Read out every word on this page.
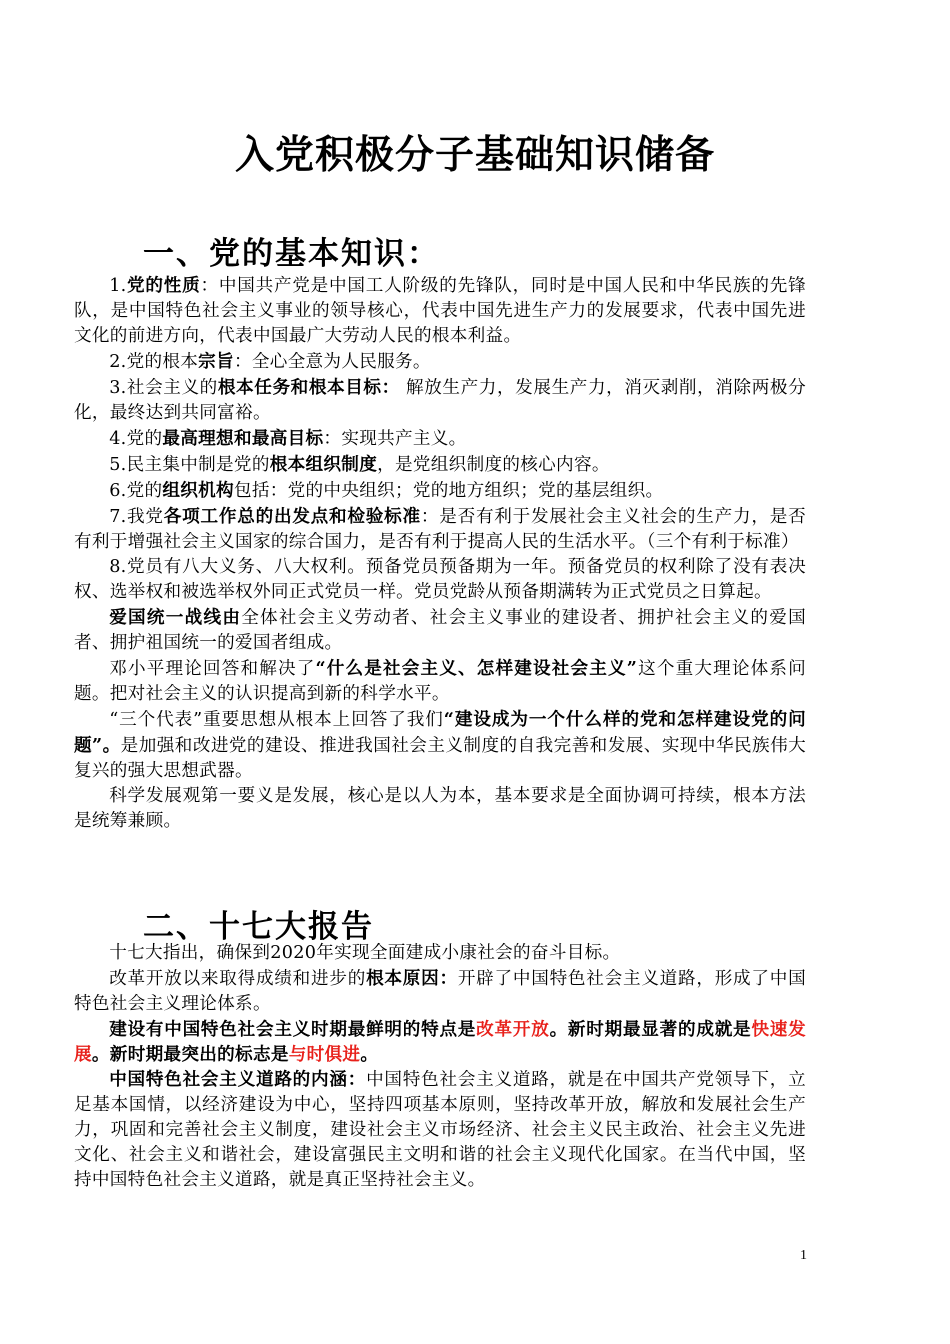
入党积极分子基础知识储备
一、党的基本知识：

1.党的性质：中国共产党是中国工人阶级的先锋队，同时是中国人民和中华民族的先锋队，是中国特色社会主义事业的领导核心，代表中国先进生产力的发展要求，代表中国先进文化的前进方向，代表中国最广大劳动人民的根本利益。

2.党的根本宗旨：全心全意为人民服务。

3.社会主义的根本任务和根本目标： 解放生产力，发展生产力，消灭剥削，消除两极分化，最终达到共同富裕。

4.党的最高理想和最高目标：实现共产主义。

5.民主集中制是党的根本组织制度，是党组织制度的核心内容。

6.党的组织机构包括：党的中央组织；党的地方组织；党的基层组织。

7.我党各项工作总的出发点和检验标准：是否有利于发展社会主义社会的生产力，是否有利于增强社会主义国家的综合国力，是否有利于提高人民的生活水平。（三个有利于标准）

8.党员有八大义务、八大权利。预备党员预备期为一年。预备党员的权利除了没有表决权、选举权和被选举权外同正式党员一样。党员党龄从预备期满转为正式党员之日算起。

爱国统一战线由全体社会主义劳动者、社会主义事业的建设者、拥护社会主义的爱国者、拥护祖国统一的爱国者组成。

邓小平理论回答和解决了“什么是社会主义、怎样建设社会主义”这个重大理论体系问题。把对社会主义的认识提高到新的科学水平。

“三个代表”重要思想从根本上回答了我们“建设成为一个什么样的党和怎样建设党的问题”。是加强和改进党的建设、推进我国社会主义制度的自我完善和发展、实现中华民族伟大复兴的强大思想武器。

科学发展观第一要义是发展，核心是以人为本，基本要求是全面协调可持续，根本方法是统筹兼顾。

二、十七大报告

十七大指出，确保到2020年实现全面建成小康社会的奋斗目标。

改革开放以来取得成绩和进步的根本原因：开辟了中国特色社会主义道路，形成了中国特色社会主义理论体系。

建设有中国特色社会主义时期最鲜明的特点是改革开放。新时期最显著的成就是快速发展。新时期最突出的标志是与时俱进。

中国特色社会主义道路的内涵：中国特色社会主义道路，就是在中国共产党领导下，立足基本国情，以经济建设为中心，坚持四项基本原则，坚持改革开放，解放和发展社会生产力，巩固和完善社会主义制度，建设社会主义市场经济、社会主义民主政治、社会主义先进文化、社会主义和谐社会，建设富强民主文明和谐的社会主义现代化国家。在当代中国，坚持中国特色社会主义道路，就是真正坚持社会主义。

1
